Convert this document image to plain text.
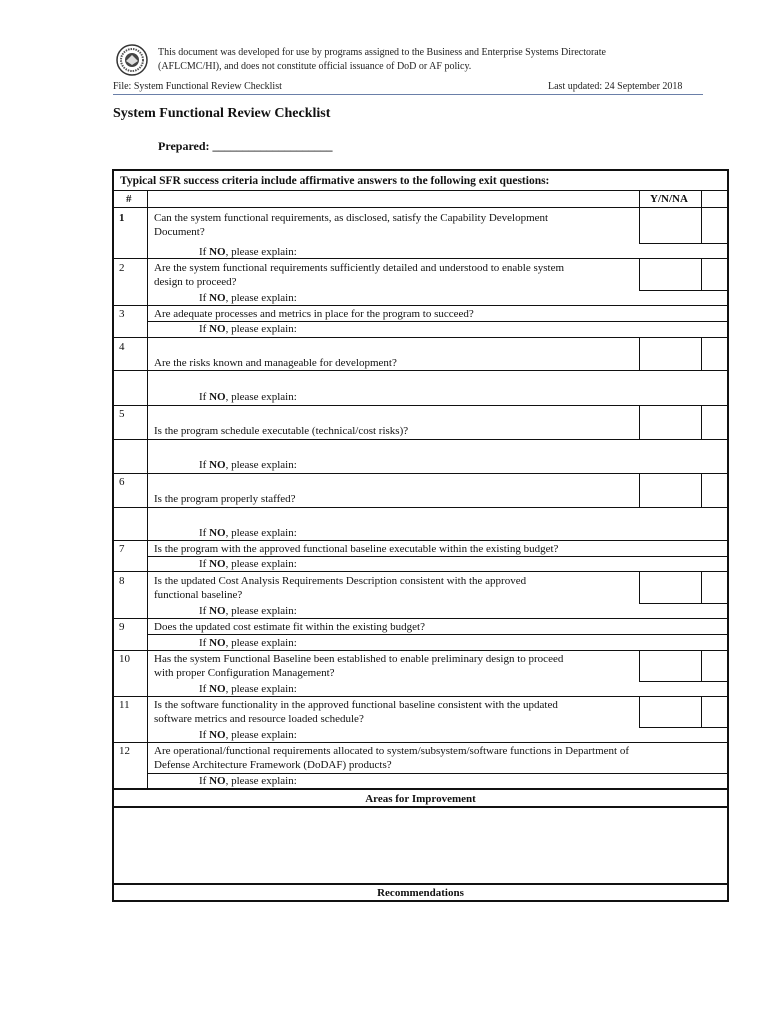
This document was developed for use by programs assigned to the Business and Enterprise Systems Directorate
(AFLCMC/HI), and does not constitute official issuance of DoD or AF policy.
File: System Functional Review Checklist	Last updated: 24 September 2018
System Functional Review Checklist
Prepared: ____________________
Typical SFR success criteria include affirmative answers to the following exit questions:
#	Y/N/NA
1	Can the system functional requirements, as disclosed, satisfy the Capability Development
Document?
If NO, please explain:
2	Are the system functional requirements sufficiently detailed and understood to enable system
design to proceed?
If NO, please explain:
3	Are adequate processes and metrics in place for the program to succeed?
If NO, please explain:
4
Are the risks known and manageable for development?
If NO, please explain:
5
Is the program schedule executable (technical/cost risks)?
If NO, please explain:
6
Is the program properly staffed?
If NO, please explain:
7	Is the program with the approved functional baseline executable within the existing budget?
If NO, please explain:
8	Is the updated Cost Analysis Requirements Description consistent with the approved
functional baseline?
If NO, please explain:
9	Does the updated cost estimate fit within the existing budget?
If NO, please explain:
10 Has the system Functional Baseline been established to enable preliminary design to proceed
with proper Configuration Management?
If NO, please explain:
11 Is the software functionality in the approved functional baseline consistent with the updated
software metrics and resource loaded schedule?
If NO, please explain:
12 Are operational/functional requirements allocated to system/subsystem/software functions in Department of
Defense Architecture Framework (DoDAF) products?
If NO, please explain:
Areas for Improvement
Recommendations
